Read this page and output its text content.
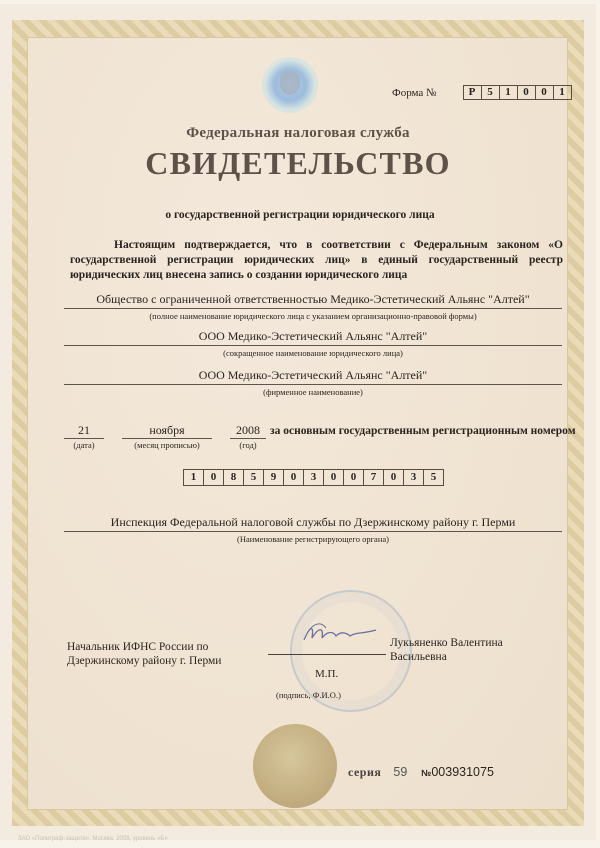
Форма №	Р	5	1	0	0	1
Федеральная налоговая служба
СВИДЕТЕЛЬСТВО
о государственной регистрации юридического лица
Настоящим подтверждается, что в соответствии с Федеральным законом «О государственной регистрации юридических лиц» в единый государственный реестр юридических лиц внесена запись о создании юридического лица
Общество с ограниченной ответственностью Медико-Эстетический Альянс "Алтей"
(полное наименование юридического лица с указанием организационно-правовой формы)
ООО Медико-Эстетический Альянс "Алтей"
(сокращенное наименование юридического лица)
ООО Медико-Эстетический Альянс "Алтей"
(фирменное наименование)
21
(дата)
ноября
(месяц прописью)
2008
(год)
за основным государственным регистрационным номером
1	0	8	5	9	0	3	0	0	7	0	3	5
Инспекция Федеральной налоговой службы по Дзержинскому району г. Перми
(Наименование регистрирующего органа)
Начальник ИФНС России по
Дзержинскому району г. Перми
Лукьяненко Валентина
Васильевна
М.П.
(подпись, Ф.И.О.)
серия 59 №003931075
ЗАО «Полиграф-защита», Москва, 2008, уровень «Б»
